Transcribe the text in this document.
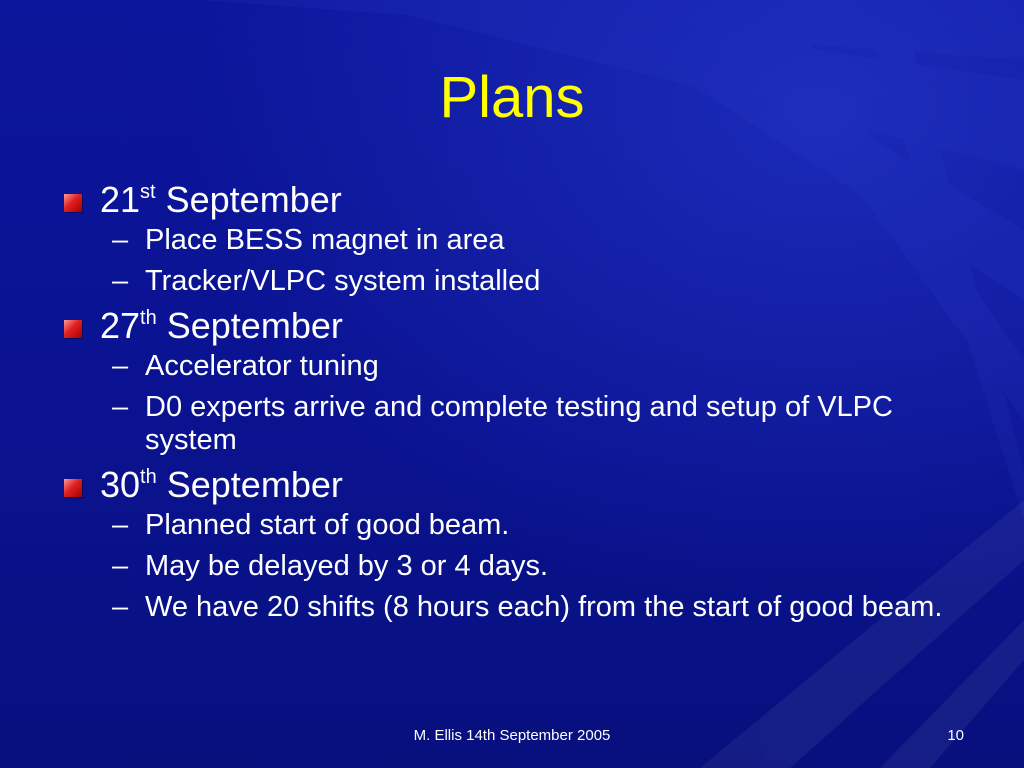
Plans
21st September
– Place BESS magnet in area
– Tracker/VLPC system installed
27th September
– Accelerator tuning
– D0 experts arrive and complete testing and setup of VLPC system
30th September
– Planned start of good beam.
– May be delayed by 3 or 4 days.
– We have 20 shifts (8 hours each) from the start of good beam.
M. Ellis 14th September 2005	10
